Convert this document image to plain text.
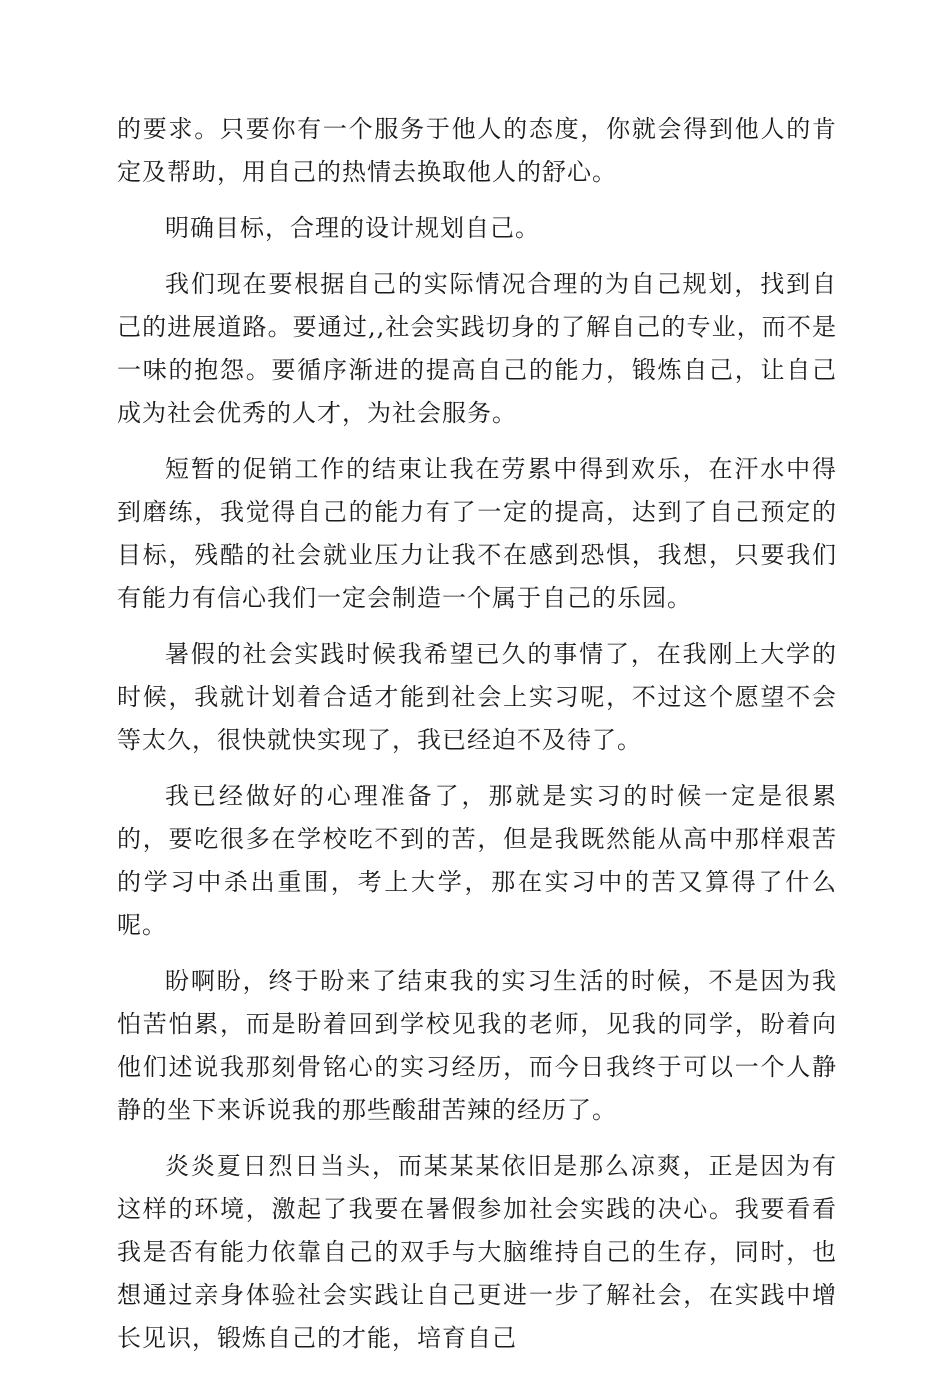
的要求。只要你有一个服务于他人的态度，你就会得到他人的肯定及帮助，用自己的热情去换取他人的舒心。

明确目标，合理的设计规划自己。

我们现在要根据自己的实际情况合理的为自己规划，找到自己的进展道路。要通过,,社会实践切身的了解自己的专业，而不是一味的抱怨。要循序渐进的提高自己的能力，锻炼自己，让自己成为社会优秀的人才，为社会服务。

短暂的促销工作的结束让我在劳累中得到欢乐，在汗水中得到磨练，我觉得自己的能力有了一定的提高，达到了自己预定的目标，残酷的社会就业压力让我不在感到恐惧，我想，只要我们有能力有信心我们一定会制造一个属于自己的乐园。

暑假的社会实践时候我希望已久的事情了，在我刚上大学的时候，我就计划着合适才能到社会上实习呢，不过这个愿望不会等太久，很快就快实现了，我已经迫不及待了。

我已经做好的心理准备了，那就是实习的时候一定是很累的，要吃很多在学校吃不到的苦，但是我既然能从高中那样艰苦的学习中杀出重围，考上大学，那在实习中的苦又算得了什么呢。

盼啊盼，终于盼来了结束我的实习生活的时候，不是因为我怕苦怕累，而是盼着回到学校见我的老师，见我的同学，盼着向他们述说我那刻骨铭心的实习经历，而今日我终于可以一个人静静的坐下来诉说我的那些酸甜苦辣的经历了。

炎炎夏日烈日当头，而某某某依旧是那么凉爽，正是因为有这样的环境，激起了我要在暑假参加社会实践的决心。我要看看我是否有能力依靠自己的双手与大脑维持自己的生存，同时，也想通过亲身体验社会实践让自己更进一步了解社会，在实践中增长见识，锻炼自己的才能，培育自己
